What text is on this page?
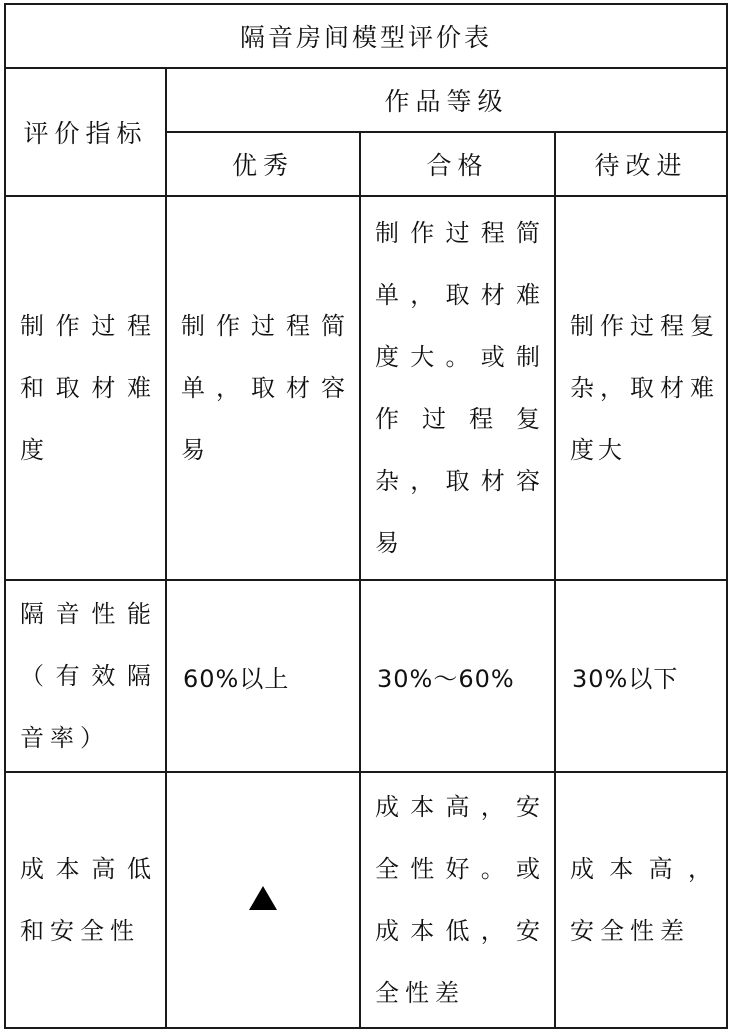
隔音房间模型评价表			
评价指标	作品等级		
	优秀	合格	待改进
制作过程和取材难度	制作过程简单，取材容易	制作过程简单，取材难度大。或制作过程复杂，取材容易	制作过程复杂，取材难度大
隔音性能（有效隔音率）	60%以上	30%～60%	30%以下
成本高低和安全性		成本高，安全性好。或成本低，安全性差	成本高，安全性差
